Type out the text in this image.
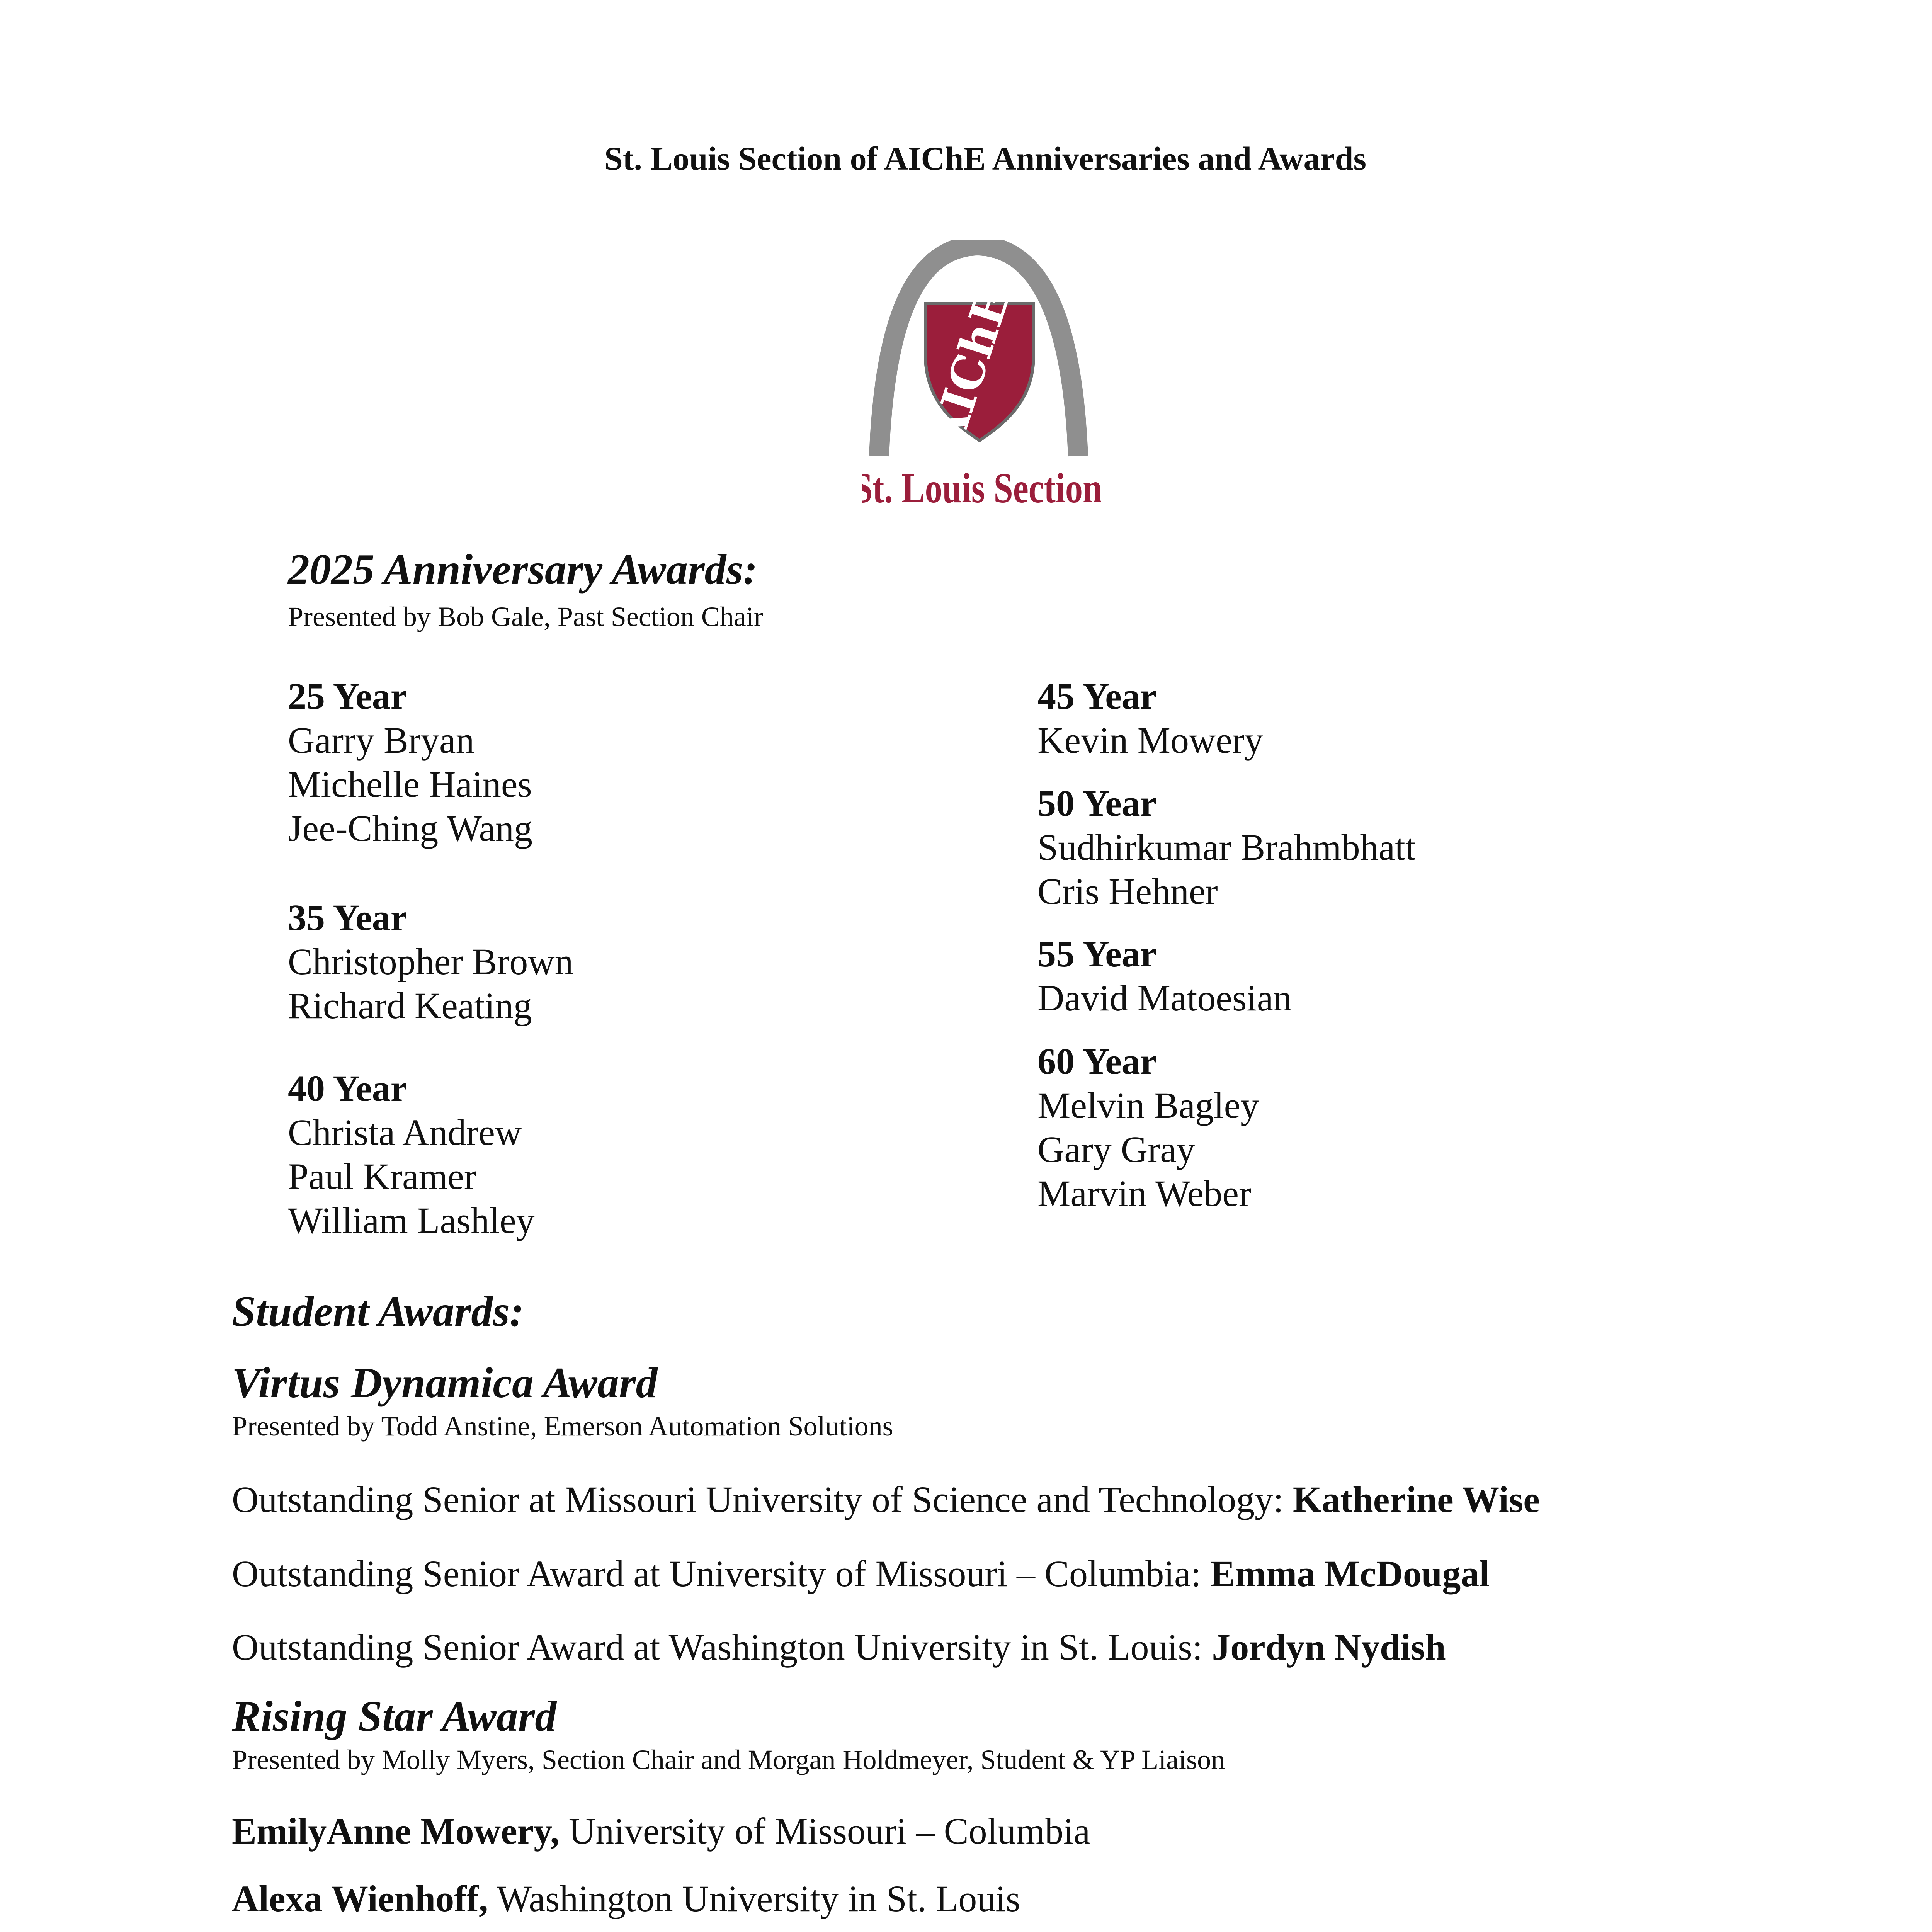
St. Louis Section of AIChE Anniversaries and Awards
AIChE
St. Louis Section
2025 Anniversary Awards:
Presented by Bob Gale, Past Section Chair
25 Year
Garry Bryan
Michelle Haines
Jee-Ching Wang
35 Year
Christopher Brown
Richard Keating
40 Year
Christa Andrew
Paul Kramer
William Lashley
45 Year
Kevin Mowery
50 Year
Sudhirkumar Brahmbhatt
Cris Hehner
55 Year
David Matoesian
60 Year
Melvin Bagley
Gary Gray
Marvin Weber
Student Awards:
Virtus Dynamica Award
Presented by Todd Anstine, Emerson Automation Solutions
Outstanding Senior at Missouri University of Science and Technology: Katherine Wise
Outstanding Senior Award at University of Missouri – Columbia: Emma McDougal
Outstanding Senior Award at Washington University in St. Louis: Jordyn Nydish
Rising Star Award
Presented by Molly Myers, Section Chair and Morgan Holdmeyer, Student & YP Liaison
EmilyAnne Mowery, University of Missouri – Columbia
Alexa Wienhoff, Washington University in St. Louis
